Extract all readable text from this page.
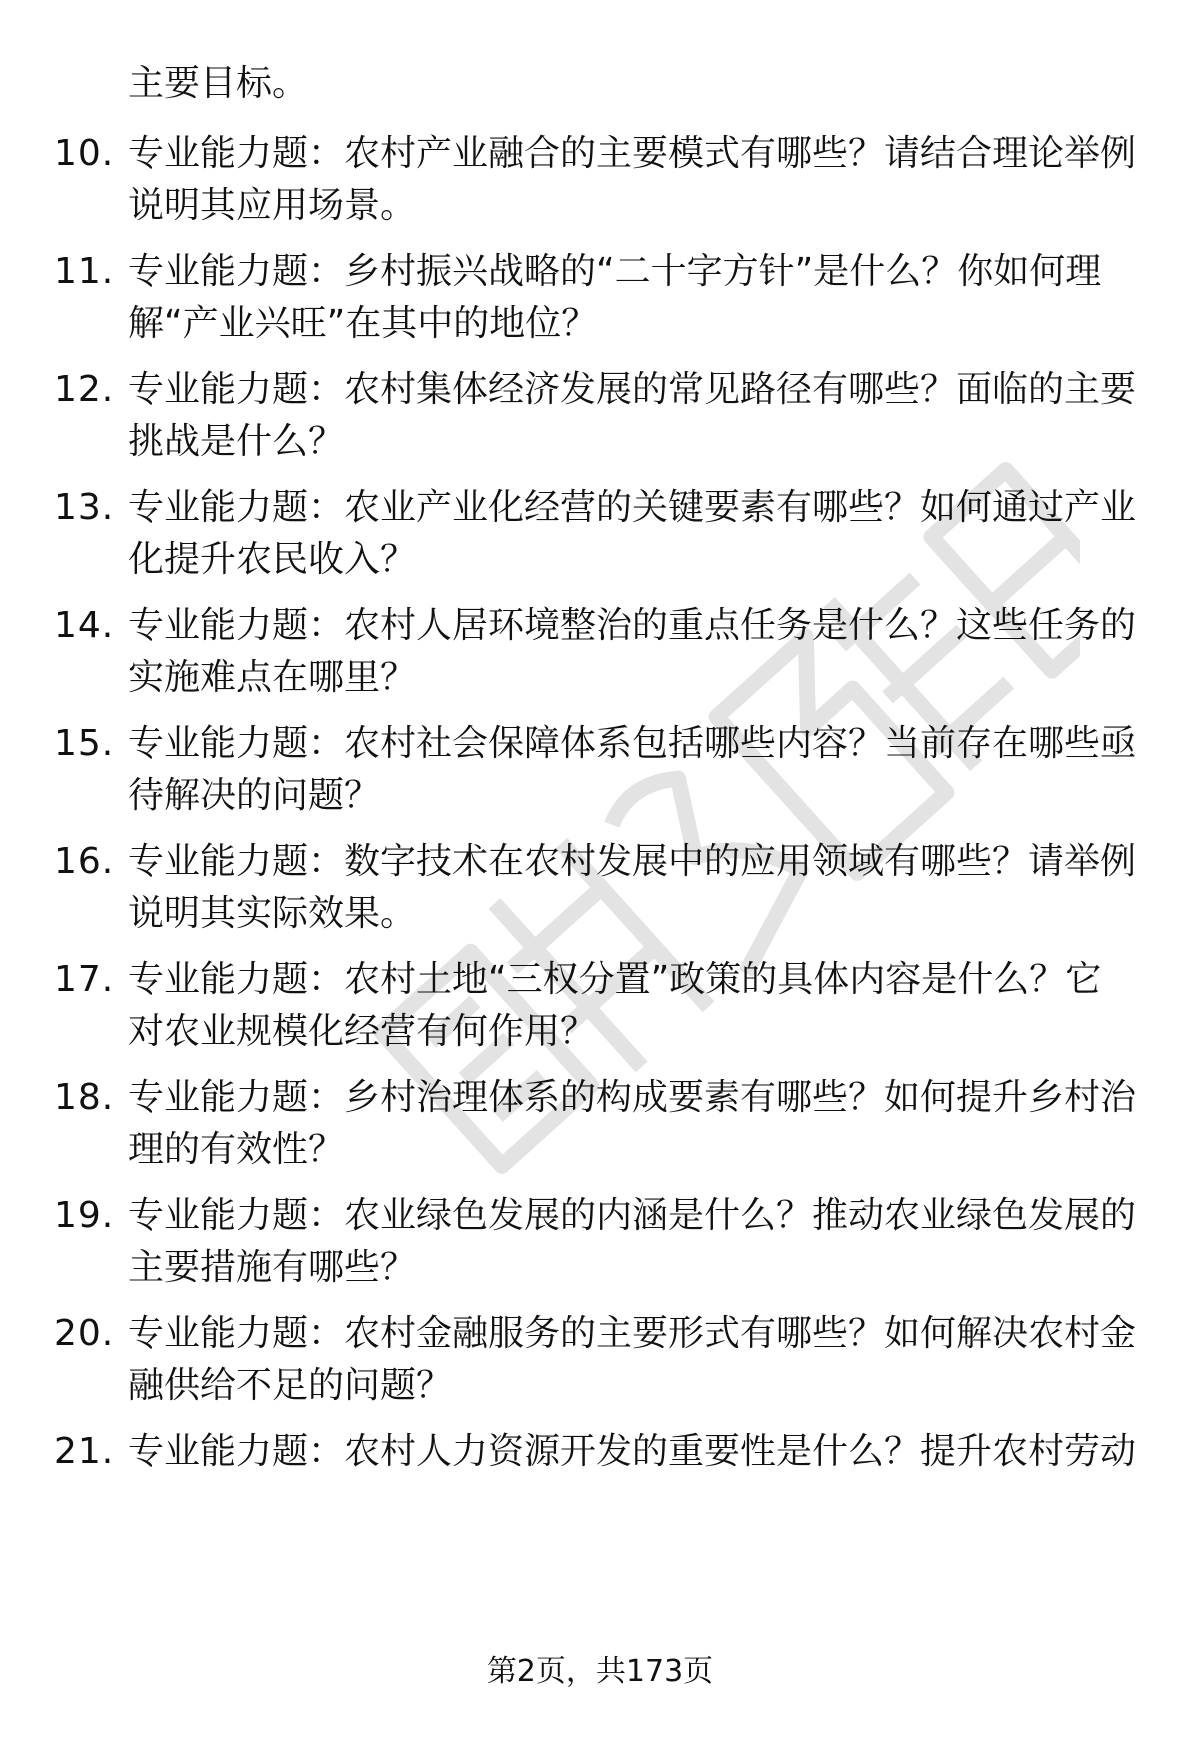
主要目标。
10. 专业能力题：农村产业融合的主要模式有哪些？请结合理论举例
说明其应用场景。
11. 专业能力题：乡村振兴战略的“二十字方针”是什么？你如何理
解“产业兴旺”在其中的地位？
12. 专业能力题：农村集体经济发展的常见路径有哪些？面临的主要
挑战是什么？
13. 专业能力题：农业产业化经营的关键要素有哪些？如何通过产业
化提升农民收入？
14. 专业能力题：农村人居环境整治的重点任务是什么？这些任务的
实施难点在哪里？
15. 专业能力题：农村社会保障体系包括哪些内容？当前存在哪些亟
待解决的问题？
16. 专业能力题：数字技术在农村发展中的应用领域有哪些？请举例
说明其实际效果。
17. 专业能力题：农村土地“三权分置”政策的具体内容是什么？它
对农业规模化经营有何作用？
18. 专业能力题：乡村治理体系的构成要素有哪些？如何提升乡村治
理的有效性？
19. 专业能力题：农业绿色发展的内涵是什么？推动农业绿色发展的
主要措施有哪些？
20. 专业能力题：农村金融服务的主要形式有哪些？如何解决农村金
融供给不足的问题？
21. 专业能力题：农村人力资源开发的重要性是什么？提升农村劳动
第2页，共173页
